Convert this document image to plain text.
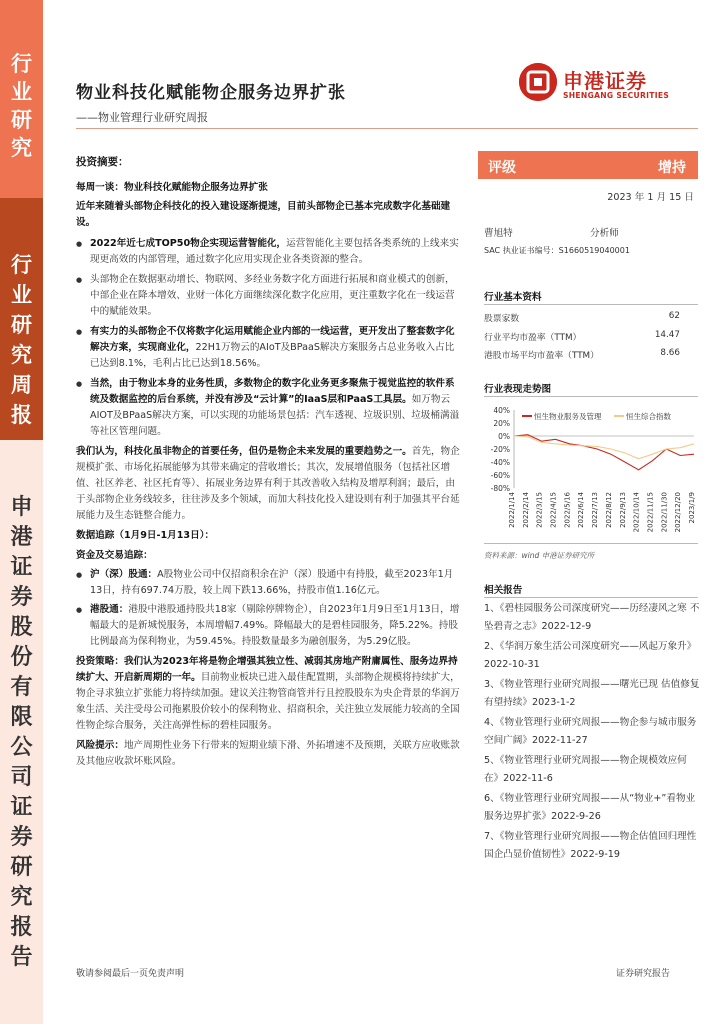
行
业
研
究
行
业
研
究
周
报
申
港
证
券
股
份
有
限
公
司
证
券
研
究
报
告
物业科技化赋能物企服务边界扩张
——物业管理行业研究周报
申港证券
SHENGANG SECURITIES

投资摘要：

每周一谈：物业科技化赋能物企服务边界扩张

近年来随着头部物企科技化的投入建设逐渐提速，目前头部物企已基本完成数字化基础建设。

● 2022年近七成TOP50物企实现运营智能化，运营智能化主要包括各类系统的上线来实现更高效的内部管理，通过数字化应用实现企业各类资源的整合。

● 头部物企在数据驱动增长、物联网、多经业务数字化方面进行拓展和商业模式的创新，中部企业在降本增效、业财一体化方面继续深化数字化应用，更注重数字化在一线运营中的赋能效果。

● 有实力的头部物企不仅将数字化运用赋能企业内部的一线运营，更开发出了整套数字化解决方案，实现商业化，22H1万物云的AIoT及BPaaS解决方案服务占总业务收入占比已达到8.1%，毛利占比已达到18.56%。

● 当然，由于物业本身的业务性质，多数物企的数字化业务更多聚焦于视觉监控的软件系统及数据监控的后台系统，并没有涉及“云计算”的IaaS层和PaaS工具层。如万物云AIOT及BPaaS解决方案，可以实现的功能场景包括：汽车透视、垃圾识别、垃圾桶满溢等社区管理问题。

我们认为，科技化虽非物企的首要任务，但仍是物企未来发展的重要趋势之一。首先，物企规模扩张、市场化拓展能够为其带来确定的营收增长；其次，发展增值服务（包括社区增值、社区养老、社区托育等）、拓展业务边界有利于其改善收入结构及增厚利润；最后，由于头部物企业务线较多，往往涉及多个领域，而加大科技化投入建设则有利于加强其平台延展能力及生态链整合能力。

数据追踪（1月9日-1月13日）：

资金及交易追踪：

● 沪（深）股通：A股物业公司中仅招商积余在沪（深）股通中有持股，截至2023年1月13日，持有697.74万股，较上周下跌13.66%，持股市值1.16亿元。

● 港股通：港股中港股通持股共18家（剔除停牌物企），自2023年1月9日至1月13日，增幅最大的是新城悦服务，本周增幅7.49%。降幅最大的是碧桂园服务，降5.22%。持股比例最高为保利物业，为59.45%。持股数量最多为融创服务，为5.29亿股。

投资策略：我们认为2023年将是物企增强其独立性、减弱其房地产附庸属性、服务边界持续扩大、开启新周期的一年。目前物业板块已进入最佳配置期，头部物企规模将持续扩大，物企寻求独立扩张能力将持续加强。建议关注物管商管并行且控股股东为央企背景的华润万象生活、关注受母公司拖累股价较小的保利物业、招商积余，关注独立发展能力较高的全国性物企综合服务，关注高弹性标的碧桂园服务。

风险提示：地产周期性业务下行带来的短期业绩下滑、外拓增速不及预期，关联方应收账款及其他应收款坏账风险。

评级	增持
2023 年 1 月 15 日
曹旭特	分析师
SAC 执业证书编号：S1660519040001
行业基本资料
股票家数	62
行业平均市盈率（TTM）	14.47
港股市场平均市盈率（TTM）	8.66
行业表现走势图
40%
20%
0%
-20%
-40%
-60%
-80%
恒生物业服务及管理	恒生综合指数
2022/1/14 2022/2/14 2022/3/15 2022/4/15 2022/5/16 2022/6/14 2022/7/13 2022/8/12 2022/9/13 2022/10/14 2022/11/15 2022/11/30 2022/12/20 2023/1/9
资料来源：wind 申港证券研究所
相关报告
1、《碧桂园服务公司深度研究——历经凄风之寒 不坠碧青之志》2022-12-9
2、《华润万象生活公司深度研究——风起万象升》2022-10-31
3、《物业管理行业研究周报——曙光已现 估值修复有望持续》2023-1-2
4、《物业管理行业研究周报——物企参与城市服务空间广阔》2022-11-27
5、《物业管理行业研究周报——物企规模效应何在》2022-11-6
6、《物业管理行业研究周报——从“物业+”看物业服务边界扩张》2022-9-26
7、《物业管理行业研究周报——物企估值回归理性 国企凸显价值韧性》2022-9-19
敬请参阅最后一页免责声明	证券研究报告
